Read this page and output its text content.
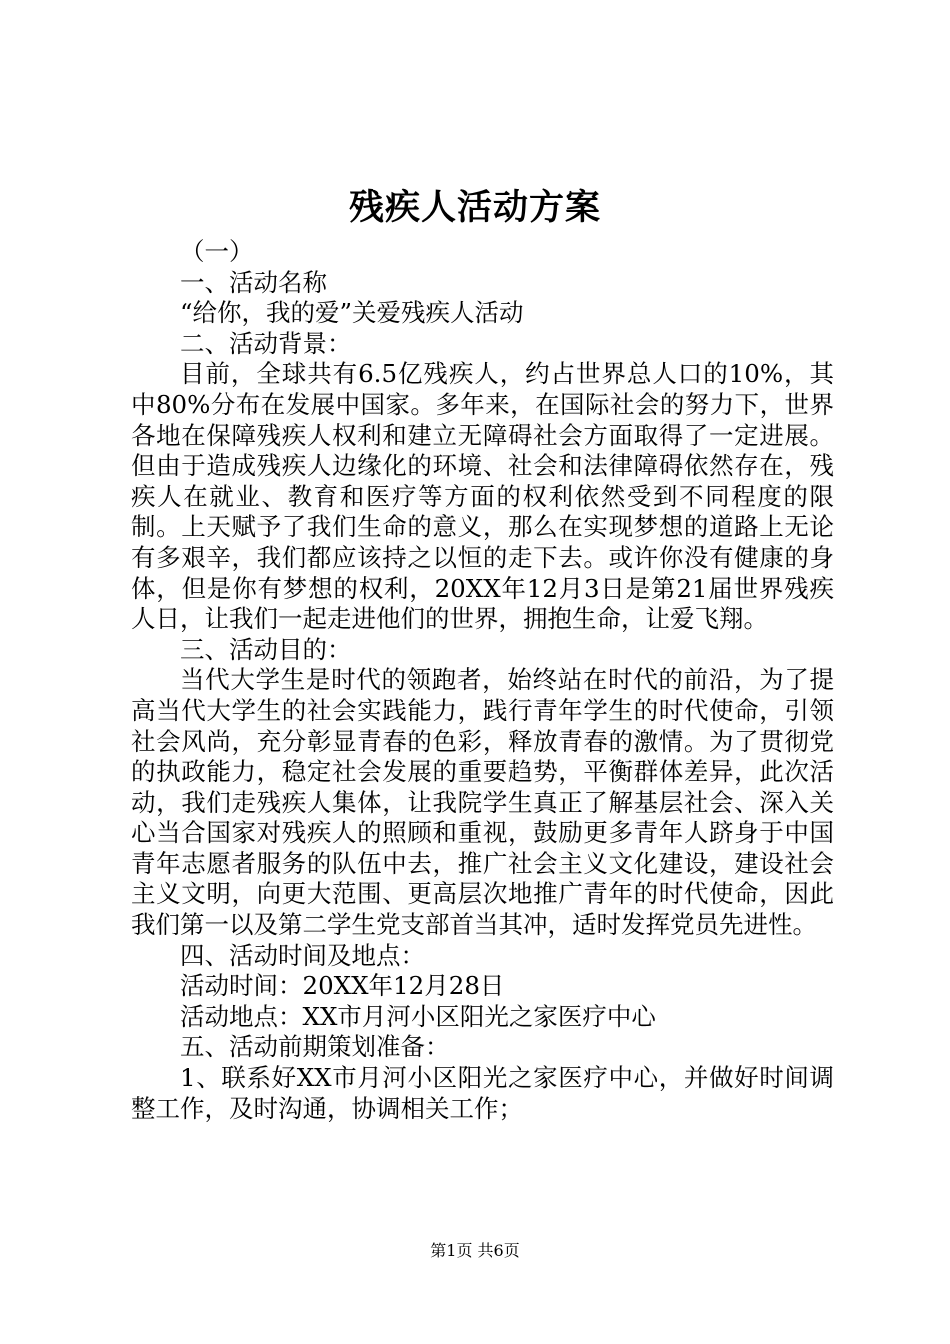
残疾人活动方案

（一）

一、活动名称

“给你，我的爱”关爱残疾人活动

二、活动背景：

目前，全球共有6.5亿残疾人，约占世界总人口的10%，其中80%分布在发展中国家。多年来，在国际社会的努力下，世界各地在保障残疾人权利和建立无障碍社会方面取得了一定进展。但由于造成残疾人边缘化的环境、社会和法律障碍依然存在，残疾人在就业、教育和医疗等方面的权利依然受到不同程度的限制。上天赋予了我们生命的意义，那么在实现梦想的道路上无论有多艰辛，我们都应该持之以恒的走下去。或许你没有健康的身体，但是你有梦想的权利，20XX年12月3日是第21届世界残疾人日，让我们一起走进他们的世界，拥抱生命，让爱飞翔。

三、活动目的：

当代大学生是时代的领跑者，始终站在时代的前沿，为了提高当代大学生的社会实践能力，践行青年学生的时代使命，引领社会风尚，充分彰显青春的色彩，释放青春的激情。为了贯彻党的执政能力，稳定社会发展的重要趋势，平衡群体差异，此次活动，我们走残疾人集体，让我院学生真正了解基层社会、深入关心当合国家对残疾人的照顾和重视，鼓励更多青年人跻身于中国青年志愿者服务的队伍中去，推广社会主义文化建设，建设社会主义文明，向更大范围、更高层次地推广青年的时代使命，因此我们第一以及第二学生党支部首当其冲，适时发挥党员先进性。

四、活动时间及地点：

活动时间：20XX年12月28日

活动地点：XX市月河小区阳光之家医疗中心

五、活动前期策划准备：

1、联系好XX市月河小区阳光之家医疗中心，并做好时间调整工作，及时沟通，协调相关工作；

第1页 共6页
